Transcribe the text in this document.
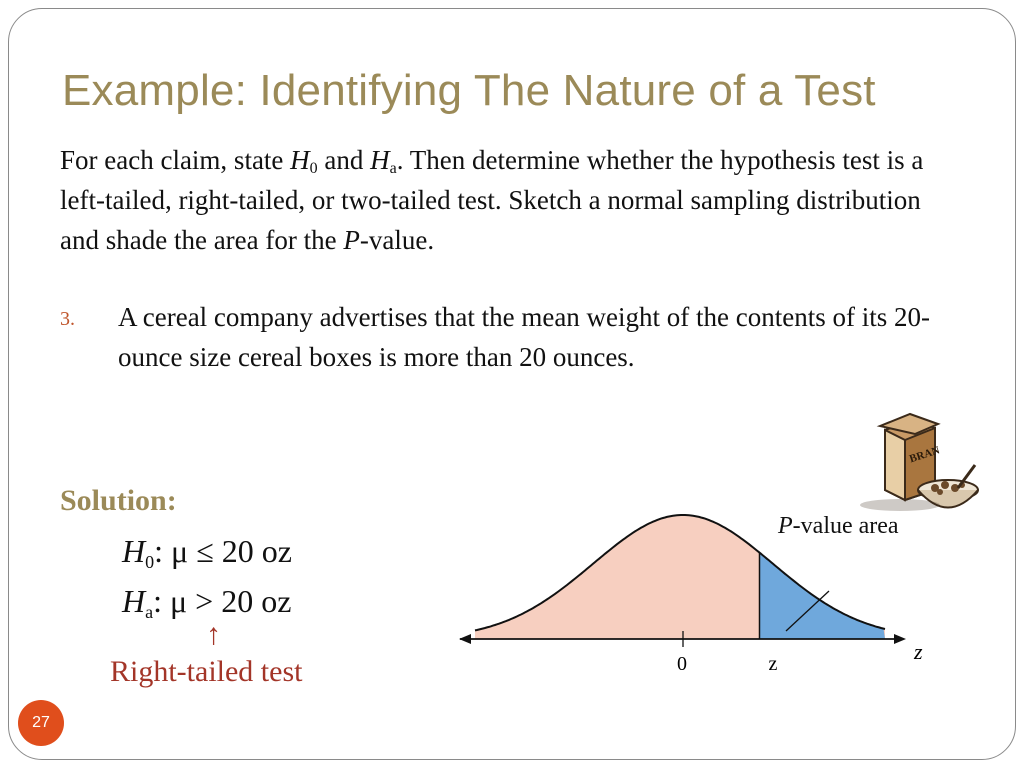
Example: Identifying The Nature of a Test
For each claim, state $H_0$ and $H_a$. Then determine whether the hypothesis test is a left-tailed, right-tailed, or two-tailed test. Sketch a normal sampling distribution and shade the area for the P-value.
3. A cereal company advertises that the mean weight of the contents of its 20-ounce size cereal boxes is more than 20 ounces.
Solution:
$H_0$: μ ≤ 20 oz
$H_a$: μ > 20 oz
↑
Right-tailed test
P-value area
z
0	z
BRAN
27
